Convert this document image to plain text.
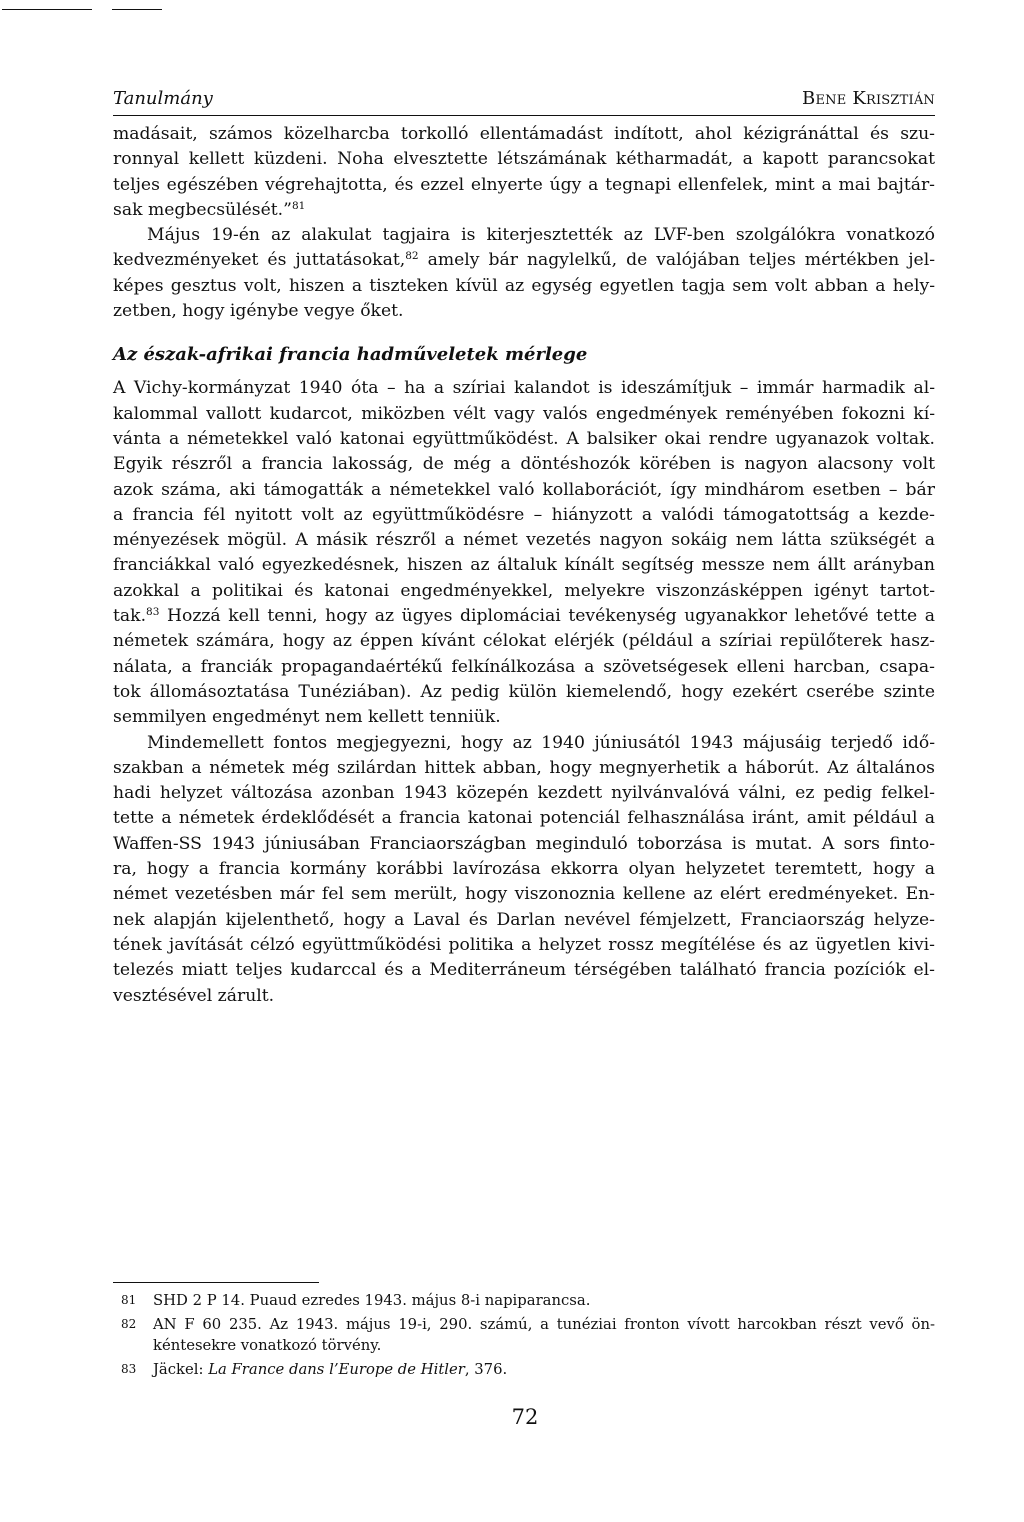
Tanulmány	Bene Krisztián

madásait, számos közelharcba torkolló ellentámadást indított, ahol kézigránáttal és szu-
ronnyal kellett küzdeni. Noha elvesztette létszámának kétharmadát, a kapott parancsokat
teljes egészében végrehajtotta, és ezzel elnyerte úgy a tegnapi ellenfelek, mint a mai bajtár-
sak megbecsülését.”$^{81}$

Május 19-én az alakulat tagjaira is kiterjesztették az LVF-ben szolgálókra vonatkozó
kedvezményeket és juttatásokat,$^{82}$ amely bár nagylelkű, de valójában teljes mértékben jel-
képes gesztus volt, hiszen a tiszteken kívül az egység egyetlen tagja sem volt abban a hely-
zetben, hogy igénybe vegye őket.

Az észak-afrikai francia hadműveletek mérlege

A Vichy-kormányzat 1940 óta – ha a szíriai kalandot is ideszámítjuk – immár harmadik al-
kalommal vallott kudarcot, miközben vélt vagy valós engedmények reményében fokozni kí-
vánta a németekkel való katonai együttműködést. A balsiker okai rendre ugyanazok voltak.
Egyik részről a francia lakosság, de még a döntéshozók körében is nagyon alacsony volt
azok száma, aki támogatták a németekkel való kollaborációt, így mindhárom esetben – bár
a francia fél nyitott volt az együttműködésre – hiányzott a valódi támogatottság a kezde-
ményezések mögül. A másik részről a német vezetés nagyon sokáig nem látta szükségét a
franciákkal való egyezkedésnek, hiszen az általuk kínált segítség messze nem állt arányban
azokkal a politikai és katonai engedményekkel, melyekre viszonzásképpen igényt tartot-
tak.$^{83}$ Hozzá kell tenni, hogy az ügyes diplomáciai tevékenység ugyanakkor lehetővé tette a
németek számára, hogy az éppen kívánt célokat elérjék (például a szíriai repülőterek hasz-
nálata, a franciák propagandaértékű felkínálkozása a szövetségesek elleni harcban, csapa-
tok állomásoztatása Tunéziában). Az pedig külön kiemelendő, hogy ezekért cserébe szinte
semmilyen engedményt nem kellett tenniük.

Mindemellett fontos megjegyezni, hogy az 1940 júniusától 1943 májusáig terjedő idő-
szakban a németek még szilárdan hittek abban, hogy megnyerhetik a háborút. Az általános
hadi helyzet változása azonban 1943 közepén kezdett nyilvánvalóvá válni, ez pedig felkel-
tette a németek érdeklődését a francia katonai potenciál felhasználása iránt, amit például a
Waffen-SS 1943 júniusában Franciaországban meginduló toborzása is mutat. A sors finto-
ra, hogy a francia kormány korábbi lavírozása ekkorra olyan helyzetet teremtett, hogy a
német vezetésben már fel sem merült, hogy viszonoznia kellene az elért eredményeket. En-
nek alapján kijelenthető, hogy a Laval és Darlan nevével fémjelzett, Franciaország helyze-
tének javítását célzó együttműködési politika a helyzet rossz megítélése és az ügyetlen kivi-
telezés miatt teljes kudarccal és a Mediterráneum térségében található francia pozíciók el-
vesztésével zárult.

81 SHD 2 P 14. Puaud ezredes 1943. május 8-i napiparancsa.
82 AN F 60 235. Az 1943. május 19-i, 290. számú, a tunéziai fronton vívott harcokban részt vevő ön-
kéntesekre vonatkozó törvény.
83 Jäckel: La France dans l’Europe de Hitler, 376.
72
